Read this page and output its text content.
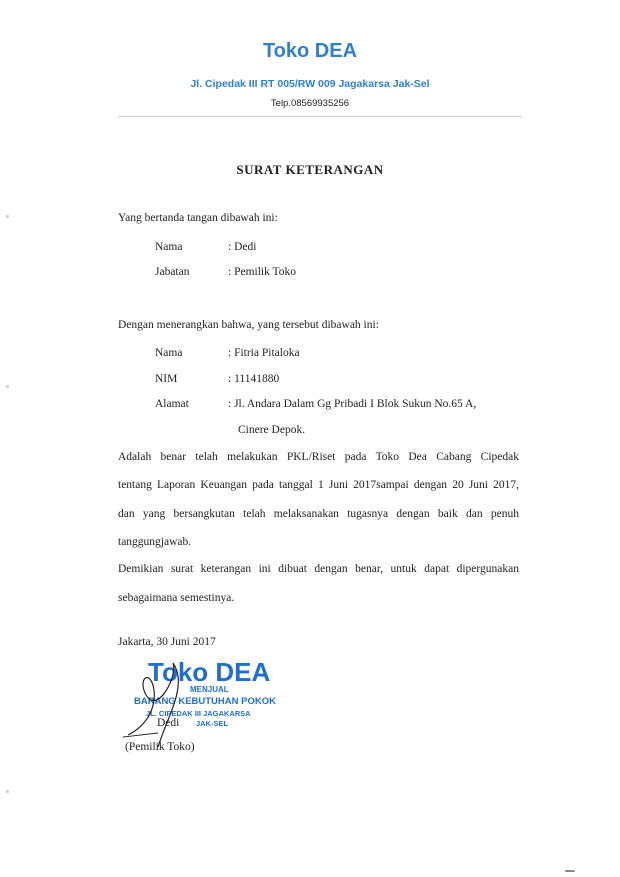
Toko DEA
Jl. Cipedak III RT 005/RW 009 Jagakarsa Jak-Sel
Telp.08569935256
SURAT KETERANGAN
Yang bertanda tangan dibawah ini:
Nama	: Dedi
Jabatan	: Pemilik Toko
Dengan menerangkan bahwa, yang tersebut dibawah ini:
Nama	: Fitria Pitaloka
NIM	: 11141880
Alamat	: Jl. Andara Dalam Gg Pribadi I Blok Sukun No.65 A,
Cinere Depok.
Adalah benar telah melakukan PKL/Riset pada Toko Dea Cabang Cipedak
tentang Laporan Keuangan pada tanggal 1 Juni 2017sampai dengan 20 Juni 2017,
dan yang bersangkutan telah melaksanakan tugasnya dengan baik dan penuh
tanggungjawab.
Demikian surat keterangan ini dibuat dengan benar, untuk dapat dipergunakan
sebagaimana semestinya.
Jakarta, 30 Juni 2017
Toko DEA
MENJUAL
BARANG KEBUTUHAN POKOK
JL. CIPEDAK III JAGAKARSA
JAK-SEL
Dedi
(Pemilik Toko)
